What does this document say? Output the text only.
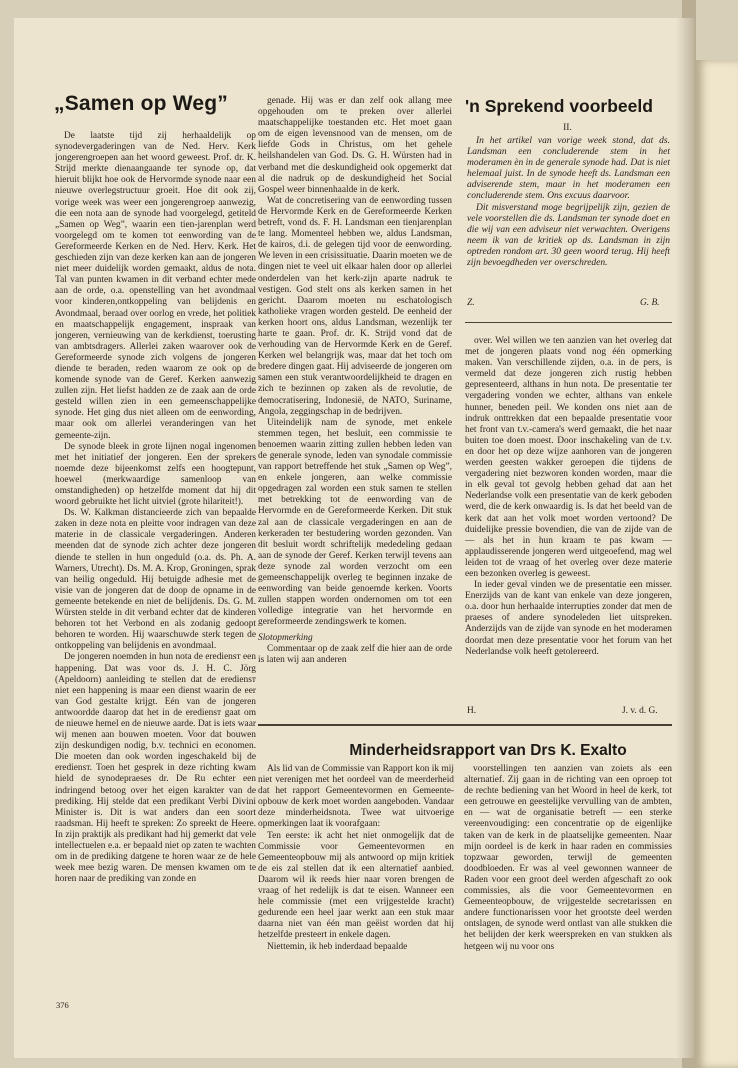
„Samen op Weg”

De laatste tijd zij herhaaldelijk op synodevergaderingen van de Ned. Herv. Kerk jongerengroepen aan het woord geweest. Prof. dr. K. Strijd merkte dienaangaande ter synode op, dat hieruit blijkt hoe ook de Hervormde synode naar een nieuwe overlegstructuur groeit. Hoe dit ook zij, vorige week was weer een jongerengroep aanwezig, die een nota aan de synode had voorgelegd, getiteld „Samen op Weg”, waarin een tien-jarenplan werd voorgelegd om te komen tot eenwording van de Gereformeerde Kerken en de Ned. Herv. Kerk. Het geschieden zijn van deze kerken kan aan de jongeren niet meer duidelijk worden gemaakt, aldus de nota. Tal van punten kwamen in dit verband echter mede aan de orde, o.a. openstelling van het avondmaal voor kinderen,ontkoppeling van belijdenis en Avondmaal, beraad over oorlog en vrede, het politiek en maatschappelijk engagement, inspraak van jongeren, vernieuwing van de kerkdienst, toerusting van ambtsdragers. Allerlei zaken waarover ook de Gereformeerde synode zich volgens de jongeren diende te beraden, reden waarom ze ook op de komende synode van de Geref. Kerken aanwezig zullen zijn. Het liefst hadden ze de zaak aan de orde gesteld willen zien in een gemeenschappelijke synode. Het ging dus niet alleen om de eenwording, maar ook om allerlei veranderingen van het gemeente-zijn.

De synode bleek in grote lijnen nogal ingenomen met het initiatief der jongeren. Een der sprekers noemde deze bijeenkomst zelfs een hoogtepunt, hoewel (merkwaardige samenloop van omstandigheden) op hetzelfde moment dat hij dit woord gebruikte het licht uitviel (grote hilariteit!).

Ds. W. Kalkman distancieerde zich van bepaalde zaken in deze nota en pleitte voor indragen van deze materie in de classicale vergaderingen. Anderen meenden dat de synode zich achter deze jongeren diende te stellen in hun ongeduld (o.a. ds. Ph. A. Warners, Utrecht). Ds. M. A. Krop, Groningen, sprak van heilig ongeduld. Hij betuigde adhesie met de visie van de jongeren dat de doop de opname in de gemeente betekende en niet de belijdenis. Ds. G. M. Würsten stelde in dit verband echter dat de kinderen behoren tot het Verbond en als zodanig gedoopt behoren te worden. Hij waarschuwde sterk tegen de ontkoppeling van belijdenis en avondmaal.

De jongeren noemden in hun nota de erediensт een happening. Dat was voor ds. J. H. C. Jörg (Apeldoorn) aanleiding te stellen dat de erediensт niet een happening is maar een dienst waarin de eer van God gestalte krijgt. Eén van de jongeren antwoordde daarop dat het in de erediensт gaat om de nieuwe hemel en de nieuwe aarde. Dat is iets waar wij menen aan bouwen moeten. Voor dat bouwen zijn deskundigen nodig, b.v. technici en economen. Die moeten dan ook worden ingeschakeld bij de erediensт. Toen het gesprek in deze richting kwam hield de synodepraeses dr. De Ru echter een indringend betoog over het eigen karakter van de prediking. Hij stelde dat een predikant Verbi Divini Minister is. Dit is wat anders dan een soort raadsman. Hij heeft te spreken: Zo spreekt de Heere. In zijn praktijk als predikant had hij gemerkt dat vele intellectuelen e.a. er bepaald niet op zaten te wachten om in de prediking datgene te horen waar ze de hele week mee bezig waren. De mensen kwamen om te horen naar de prediking van zonde en

genade. Hij was er dan zelf ook allang mee opgehouden om te preken over allerlei maatschappelijke toestanden etc. Het moet gaan om de eigen levensnood van de mensen, om de liefde Gods in Christus, om het gehele heilshandelen van God. Ds. G. H. Würsten had in verband met die deskundigheid ook opgemerkt dat al die nadruk op de deskundigheid het Social Gospel weer binnenhaalde in de kerk.

Wat de concretisering van de eenwording tussen de Hervormde Kerk en de Gereformeerde Kerken betreft, vond ds. F. H. Landsman een tienjarenplan te lang. Momenteel hebben we, aldus Landsman, de kairos, d.i. de gelegen tijd voor de eenwording. We leven in een crisissituatie. Daarin moeten we de dingen niet te veel uit elkaar halen door op allerlei onderdelen van het kerk-zijn aparte nadruk te vestigen. God stelt ons als kerken samen in het gericht. Daarom moeten nu eschatologisch katholieke vragen worden gesteld. De eenheid der kerken hoort ons, aldus Landsman, wezenlijk ter harte te gaan. Prof. dr. K. Strijd vond dat de verhouding van de Hervormde Kerk en de Geref. Kerken wel belangrijk was, maar dat het toch om bredere dingen gaat. Hij adviseerde de jongeren om samen een stuk verantwoordelijkheid te dragen en zich te bezinnen op zaken als de revolutie, de democratisering, Indonesië, de NATO, Suriname, Angola, zeggingschap in de bedrijven.

Uiteindelijk nam de synode, met enkele stemmen tegen, het besluit, een commissie te benoemen waarin zitting zullen hebben leden van de generale synode, leden van synodale commissie van rapport betreffende het stuk „Samen op Weg”, en enkele jongeren, aan welke commissie opgedragen zal worden een stuk samen te stellen met betrekking tot de eenwording van de Hervormde en de Gereformeerde Kerken. Dit stuk zal aan de classicale vergaderingen en aan de kerkeraden ter bestudering worden gezonden. Van dit besluit wordt schriftelijk mededeling gedaan aan de synode der Geref. Kerken terwijl tevens aan deze synode zal worden verzocht om een gemeenschappelijk overleg te beginnen inzake de eenwording van beide genoemde kerken. Voorts zullen stappen worden ondernomen om tot een volledige integratie van het hervormde en gereformeerde zendingswerk te komen.

Slotopmerking

Commentaar op de zaak zelf die hier aan de orde is laten wij aan anderen

'n Sprekend voorbeeld
II.

In het artikel van vorige week stond, dat ds. Landsman een concluderende stem in het moderamen èn in de generale synode had. Dat is niet helemaal juist. In de synode heeft ds. Landsman een adviserende stem, maar in het moderamen een concluderende stem. Ons excuus daarvoor.

Dit misverstand moge begrijpelijk zijn, gezien de vele voorstellen die ds. Landsman ter synode doet en die wij van een adviseur niet verwachten. Overigens neem ik van de kritiek op ds. Landsman in zijn optreden rondom art. 30 geen woord terug. Hij heeft zijn bevoegdheden ver overschreden.

Z.	G. B.

over. Wel willen we ten aanzien van het overleg dat met de jongeren plaats vond nog één opmerking maken. Van verschillende zijden, o.a. in de pers, is vermeld dat deze jongeren zich rustig hebben gepresenteerd, althans in hun nota. De presentatie ter vergadering vonden we echter, althans van enkele hunner, beneden peil. We konden ons niet aan de indruk onttrekken dat een bepaalde presentatie voor het front van t.v.-camera's werd gemaakt, die het naar buiten toe doen moest. Door inschakeling van de t.v. en door het op deze wijze aanhoren van de jongeren werden geesten wakker geroepen die tijdens de vergadering niet bezworen konden worden, maar die in elk geval tot gevolg hebben gehad dat aan het Nederlandse volk een presentatie van de kerk geboden werd, die de kerk onwaardig is. Is dat het beeld van de kerk dat aan het volk moet worden vertoond? De duidelijke pressie bovendien, die van de zijde van de — als het in hun kraam te pas kwam — applaudisserende jongeren werd uitgeoefend, mag wel leiden tot de vraag of het overleg over deze materie een bezonken overleg is geweest.

In ieder geval vinden we de presentatie een misser. Enerzijds van de kant van enkele van deze jongeren, o.a. door hun herhaalde interrupties zonder dat men de praeses of andere synodeleden liet uitspreken. Anderzijds van de zijde van synode en het moderamen doordat men deze presentatie voor het forum van het Nederlandse volk heeft getolereerd.

H.	J. v. d. G.
Minderheidsrapport van Drs K. Exalto

Als lid van de Commissie van Rapport kon ik mij niet verenigen met het oordeel van de meerderheid dat het rapport Gemeentevormen en Gemeente-opbouw de kerk moet worden aangeboden. Vandaar deze minderheidsnota. Twee wat uitvoerige opmerkingen laat ik voorafgaan:

Ten eerste: ik acht het niet onmogelijk dat de Commissie voor Gemeentevormen en Gemeenteopbouw mij als antwoord op mijn kritiek de eis zal stellen dat ik een alternatief aanbied. Daarom wil ik reeds hier naar voren brengen de vraag of het redelijk is dat te eisen. Wanneer een hele commissie (met een vrijgestelde kracht) gedurende een heel jaar werkt aan een stuk maar daarna niet van één man geëist worden dat hij hetzelfde presteert in enkele dagen.

Niettemin, ik heb inderdaad bepaalde

voorstellingen ten aanzien van zoiets als een alternatief. Zij gaan in de richting van een oproep tot de rechte bediening van het Woord in heel de kerk, tot een getrouwe en geestelijke vervulling van de ambten, en — wat de organisatie betreft — een sterke vereenvoudiging: een concentratie op de eigenlijke taken van de kerk in de plaatselijke gemeenten. Naar mijn oordeel is de kerk in haar raden en commissies topzwaar geworden, terwijl de gemeenten doodbloeden. Er was al veel gewonnen wanneer de Raden voor een groot deel werden afgeschaft zo ook commissies, als die voor Gemeentevormen en Gemeenteopbouw, de vrijgestelde secretarissen en andere functionarissen voor het grootste deel werden ontslagen, de synode werd ontlast van alle stukken die het belijden der kerk weerspreken en van stukken als hetgeen wij nu voor ons

376
